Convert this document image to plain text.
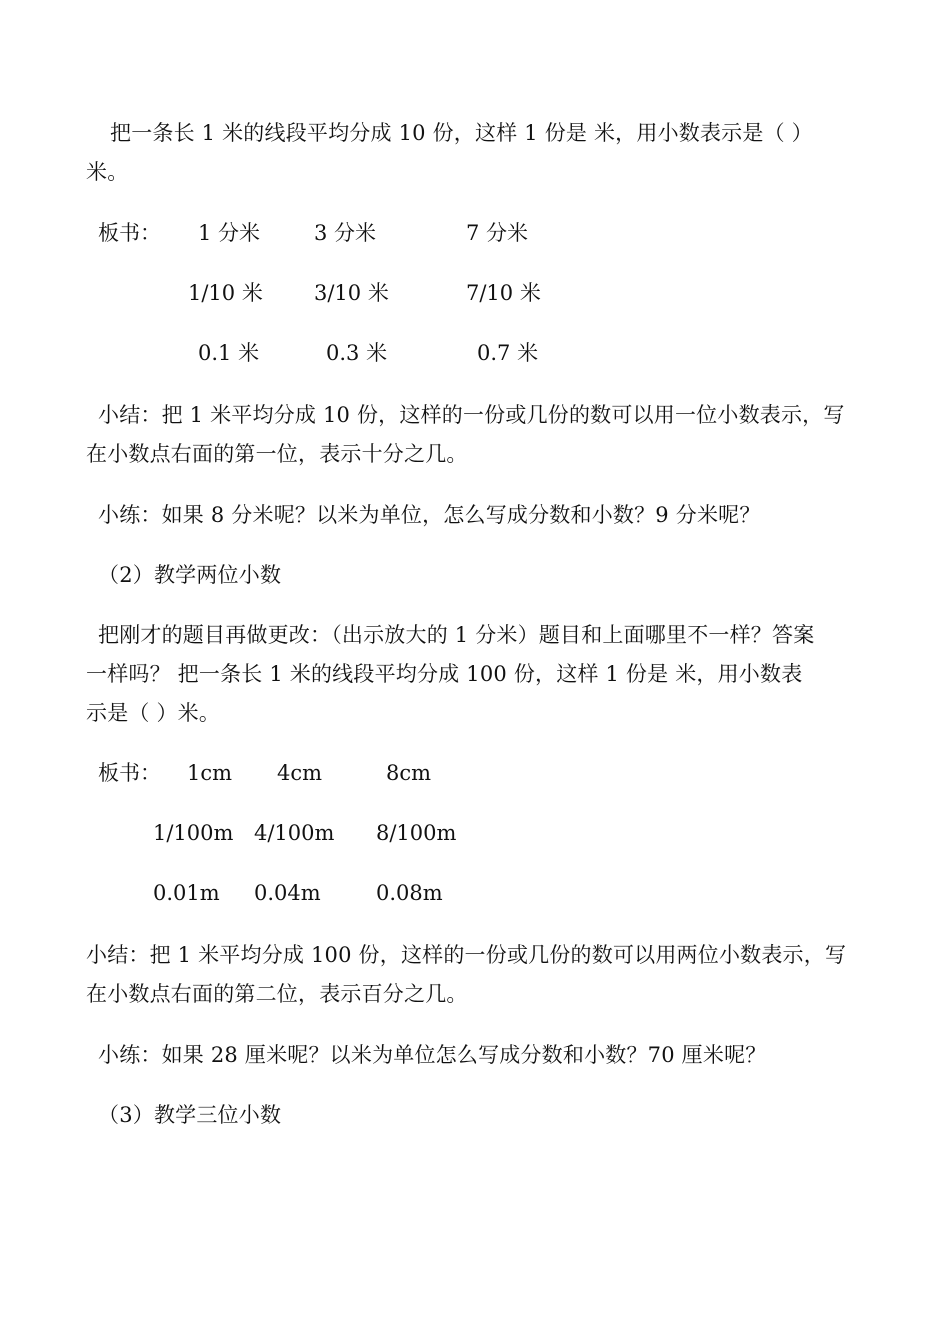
把一条长 1 米的线段平均分成 10 份，这样 1 份是 米，用小数表示是（ ）
米。
板书： 1 分米	3 分米	7 分米
1/10 米 3/10 米	7/10 米
0.1 米	0.3 米	0.7 米
小结：把 1 米平均分成 10 份，这样的一份或几份的数可以用一位小数表示，写
在小数点右面的第一位，表示十分之几。
小练：如果 8 分米呢？以米为单位，怎么写成分数和小数？9 分米呢？
（2）教学两位小数
把刚才的题目再做更改：（出示放大的 1 分米）题目和上面哪里不一样？答案
一样吗？ 把一条长 1 米的线段平均分成 100 份，这样 1 份是 米，用小数表
示是（ ）米。
板书： 1cm 4cm	8cm
1/100m 4/100m 8/100m
0.01m 0.04m	0.08m
小结：把 1 米平均分成 100 份，这样的一份或几份的数可以用两位小数表示，写
在小数点右面的第二位，表示百分之几。
小练：如果 28 厘米呢？以米为单位怎么写成分数和小数？70 厘米呢？
（3）教学三位小数
